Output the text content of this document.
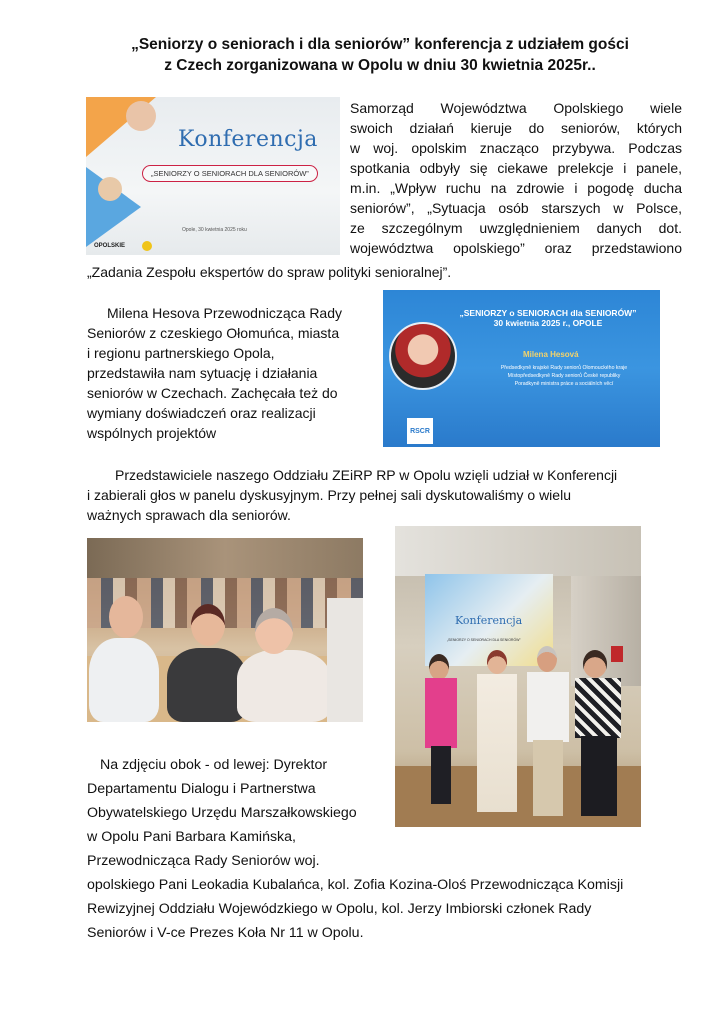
„Seniorzy o seniorach i dla seniorów” konferencja z udziałem gości
z Czech zorganizowana w Opolu w dniu 30 kwietnia 2025r..
Konferencja
„SENIORZY O SENIORACH DLA SENIORÓW”
Opole, 30 kwietnia 2025 roku
OPOLSKIE
Samorząd Województwa Opolskiego wiele
swoich działań kieruje do seniorów, których
w woj. opolskim znacząco przybywa. Podczas
spotkania odbyły się ciekawe prelekcje i panele,
m.in. „Wpływ ruchu na zdrowie i pogodę ducha
seniorów”, „Sytuacja osób starszych w Polsce,
ze szczególnym uwzględnieniem danych dot.
województwa opolskiego” oraz przedstawiono
„Zadania Zespołu ekspertów do spraw polityki senioralnej”.
Milena Hesova Przewodnicząca Rady
Seniorów z czeskiego Ołomuńca, miasta
i regionu partnerskiego Opola,
przedstawiła nam sytuację i działania
seniorów w Czechach. Zachęcała też do
wymiany doświadczeń oraz realizacji
wspólnych projektów
„SENIORZY o SENIORACH dla SENIORÓW”
30 kwietnia 2025 r., OPOLE
Milena Hesová
Předsedkyně krajské Rady seniorů Olomouckého kraje
Místopředsedkyně Rady seniorů České republiky
Poradkyně ministra práce a sociálních věcí
RSCR
Przedstawiciele naszego Oddziału ZEiRP RP w Opolu wzięli udział w Konferencji
i zabierali głos w panelu dyskusyjnym. Przy pełnej sali dyskutowaliśmy o wielu
ważnych sprawach dla seniorów.
Konferencja
„SENIORZY O SENIORACH DLA SENIORÓW”
Na zdjęciu obok - od lewej: Dyrektor
Departamentu Dialogu i Partnerstwa
Obywatelskiego Urzędu Marszałkowskiego
w Opolu Pani Barbara Kamińska,
Przewodnicząca Rady Seniorów woj.
opolskiego Pani Leokadia Kubalańca, kol. Zofia Kozina-Oloś Przewodnicząca Komisji
Rewizyjnej Oddziału Wojewódzkiego w Opolu, kol. Jerzy Imbiorski członek Rady
Seniorów i V-ce Prezes Koła Nr 11 w Opolu.
